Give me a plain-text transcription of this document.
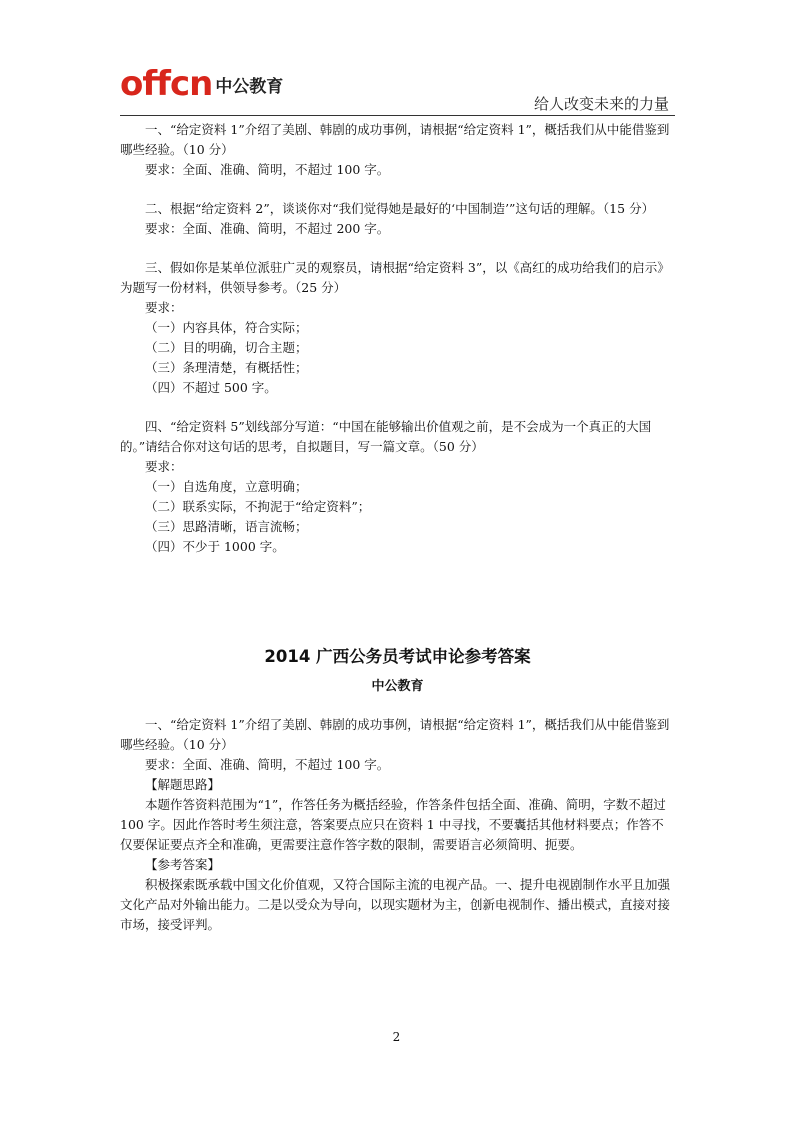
offcn 中公教育
给人改变未来的力量

一、“给定资料 1”介绍了美剧、韩剧的成功事例，请根据“给定资料 1”，概括我们从中能借鉴到哪些经验。（10 分）

要求：全面、准确、简明，不超过 100 字。

二、根据“给定资料 2”，谈谈你对“我们觉得她是最好的‘中国制造’”这句话的理解。（15 分）

要求：全面、准确、简明，不超过 200 字。

三、假如你是某单位派驻广灵的观察员，请根据“给定资料 3”，以《高红的成功给我们的启示》为题写一份材料，供领导参考。（25 分）

要求：

（一）内容具体，符合实际；

（二）目的明确，切合主题；

（三）条理清楚，有概括性；

（四）不超过 500 字。

四、“给定资料 5”划线部分写道：“中国在能够输出价值观之前，是不会成为一个真正的大国的。”请结合你对这句话的思考，自拟题目，写一篇文章。（50 分）

要求：

（一）自选角度，立意明确；

（二）联系实际，不拘泥于“给定资料”；

（三）思路清晰，语言流畅；

（四）不少于 1000 字。

2014 广西公务员考试申论参考答案

中公教育

一、“给定资料 1”介绍了美剧、韩剧的成功事例，请根据“给定资料 1”，概括我们从中能借鉴到哪些经验。（10 分）

要求：全面、准确、简明，不超过 100 字。

【解题思路】

本题作答资料范围为“1”，作答任务为概括经验，作答条件包括全面、准确、简明，字数不超过 100 字。因此作答时考生须注意，答案要点应只在资料 1 中寻找，不要囊括其他材料要点；作答不仅要保证要点齐全和准确，更需要注意作答字数的限制，需要语言必须简明、扼要。

【参考答案】

积极探索既承载中国文化价值观，又符合国际主流的电视产品。一、提升电视剧制作水平且加强文化产品对外输出能力。二是以受众为导向，以现实题材为主，创新电视制作、播出模式，直接对接市场，接受评判。

2
